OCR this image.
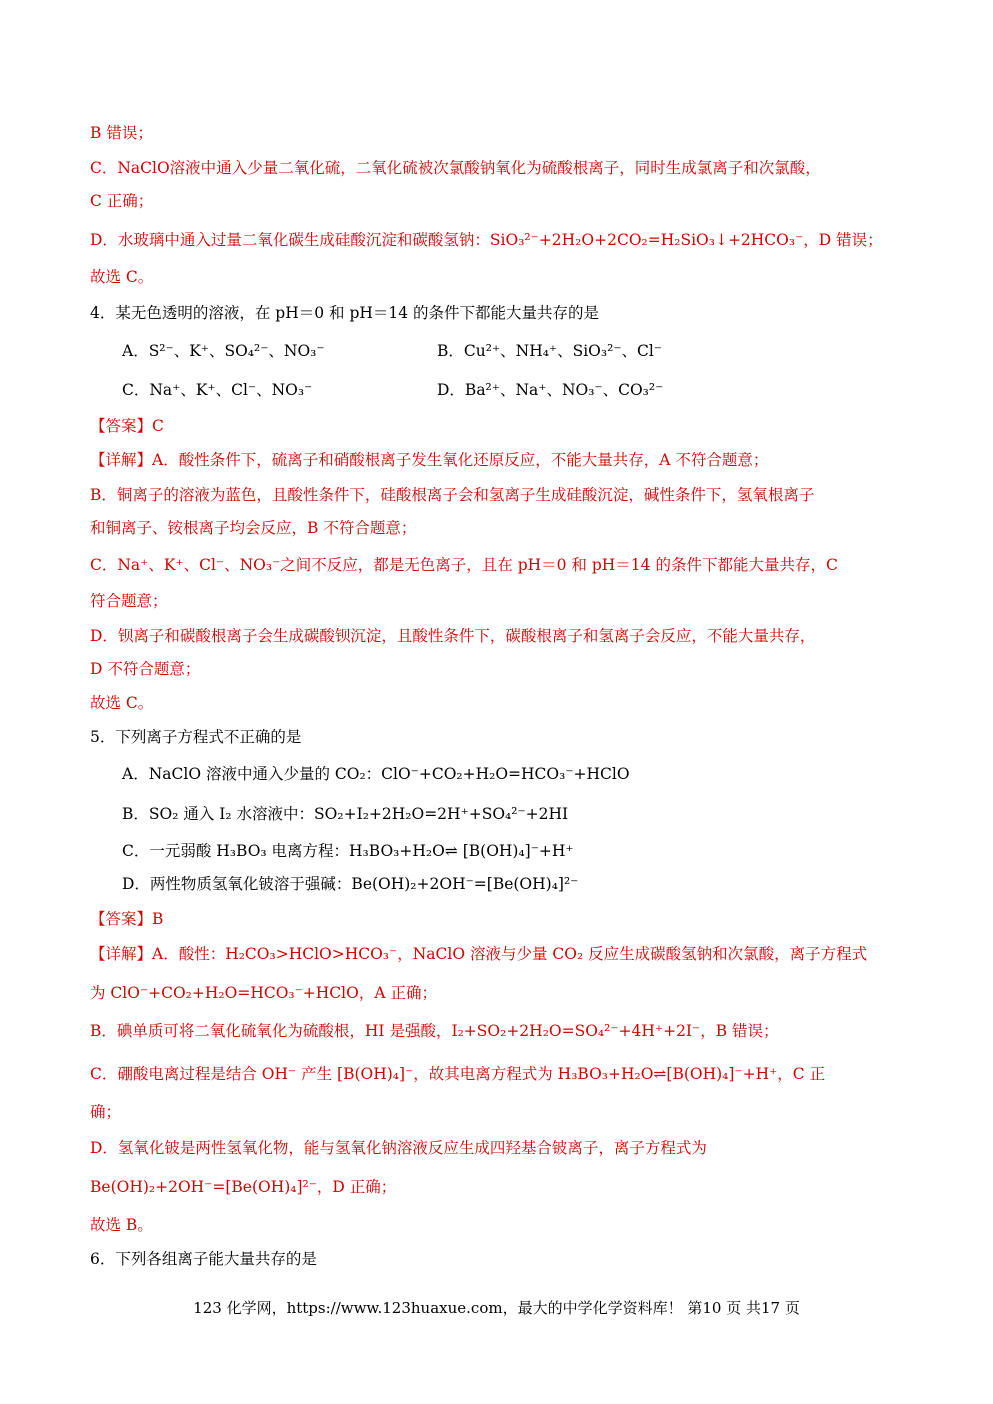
B 错误；
C．NaClO溶液中通入少量二氧化硫，二氧化硫被次氯酸钠氧化为硫酸根离子，同时生成氯离子和次氯酸，
C 正确；
D．水玻璃中通入过量二氧化碳生成硅酸沉淀和碳酸氢钠：SiO₃²⁻+2H₂O+2CO₂=H₂SiO₃↓+2HCO₃⁻，D 错误；
故选 C。
4．某无色透明的溶液，在 pH＝0 和 pH＝14 的条件下都能大量共存的是
A．S²⁻、K⁺、SO₄²⁻、NO₃⁻	B．Cu²⁺、NH₄⁺、SiO₃²⁻、Cl⁻
C．Na⁺、K⁺、Cl⁻、NO₃⁻	D．Ba²⁺、Na⁺、NO₃⁻、CO₃²⁻
【答案】C
【详解】A．酸性条件下，硫离子和硝酸根离子发生氧化还原反应，不能大量共存，A 不符合题意；
B．铜离子的溶液为蓝色，且酸性条件下，硅酸根离子会和氢离子生成硅酸沉淀，碱性条件下，氢氧根离子
和铜离子、铵根离子均会反应，B 不符合题意；
C．Na⁺、K⁺、Cl⁻、NO₃⁻之间不反应，都是无色离子，且在 pH＝0 和 pH＝14 的条件下都能大量共存，C
符合题意；
D．钡离子和碳酸根离子会生成碳酸钡沉淀，且酸性条件下，碳酸根离子和氢离子会反应，不能大量共存，
D 不符合题意；
故选 C。
5．下列离子方程式不正确的是
A．NaClO 溶液中通入少量的 CO₂：ClO⁻+CO₂+H₂O=HCO₃⁻+HClO
B．SO₂ 通入 I₂ 水溶液中：SO₂+I₂+2H₂O=2H⁺+SO₄²⁻+2HI
C．一元弱酸 H₃BO₃ 电离方程：H₃BO₃+H₂O⇌ [B(OH)₄]⁻+H⁺
D．两性物质氢氧化铍溶于强碱：Be(OH)₂+2OH⁻=[Be(OH)₄]²⁻
【答案】B
【详解】A．酸性：H₂CO₃>HClO>HCO₃⁻，NaClO 溶液与少量 CO₂ 反应生成碳酸氢钠和次氯酸，离子方程式
为 ClO⁻+CO₂+H₂O=HCO₃⁻+HClO，A 正确；
B．碘单质可将二氧化硫氧化为硫酸根，HI 是强酸，I₂+SO₂+2H₂O=SO₄²⁻+4H⁺+2I⁻，B 错误；
C．硼酸电离过程是结合 OH⁻ 产生 [B(OH)₄]⁻，故其电离方程式为 H₃BO₃+H₂O⇌[B(OH)₄]⁻+H⁺，C 正
确；
D．氢氧化铍是两性氢氧化物，能与氢氧化钠溶液反应生成四羟基合铍离子，离子方程式为
Be(OH)₂+2OH⁻=[Be(OH)₄]²⁻，D 正确；
故选 B。
6．下列各组离子能大量共存的是
123 化学网，https://www.123huaxue.com，最大的中学化学资料库！ 第10 页 共17 页
